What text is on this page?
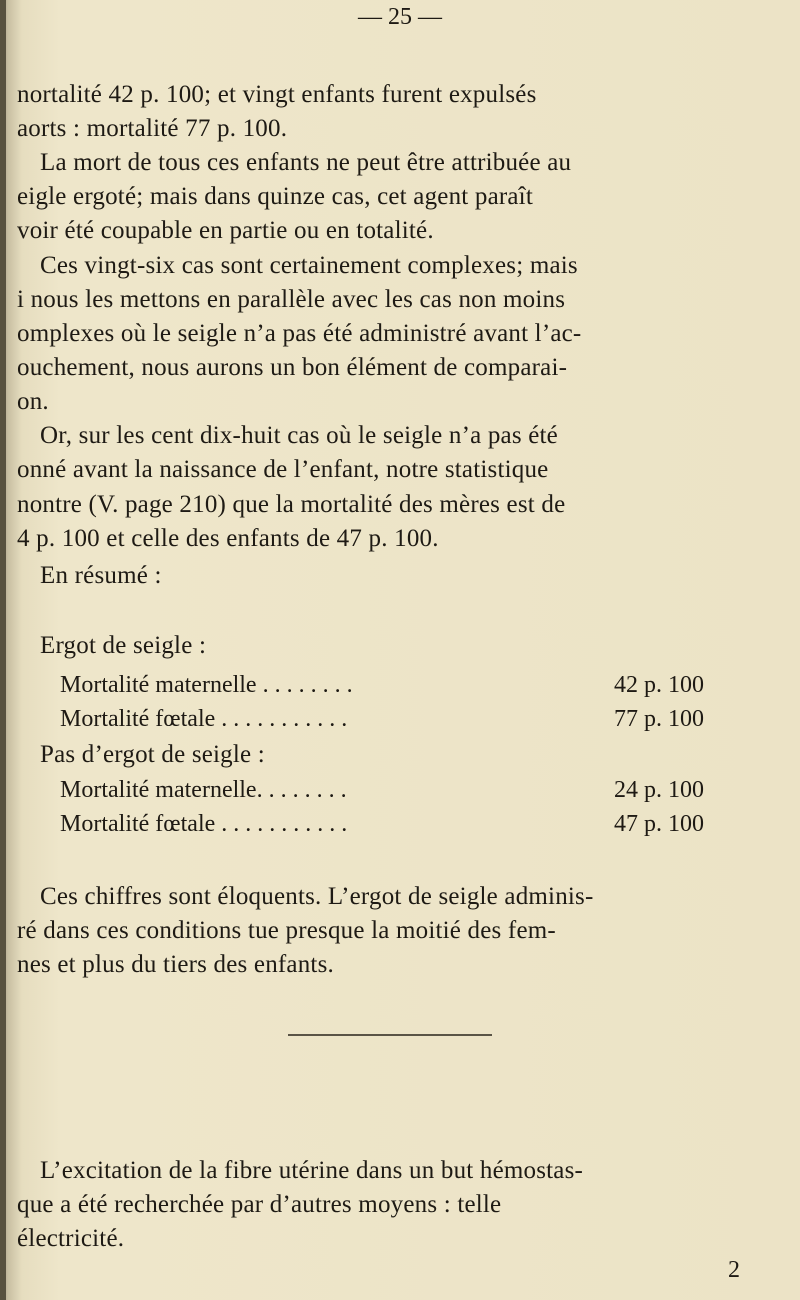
— 25 —
nortalité 42 p. 100; et vingt enfants furent expulsés
aorts : mortalité 77 p. 100.
La mort de tous ces enfants ne peut être attribuée au
eigle ergoté; mais dans quinze cas, cet agent paraît
voir été coupable en partie ou en totalité.
Ces vingt-six cas sont certainement complexes; mais
i nous les mettons en parallèle avec les cas non moins
omplexes où le seigle n’a pas été administré avant l’ac-
ouchement, nous aurons un bon élément de comparai-
on.
Or, sur les cent dix-huit cas où le seigle n’a pas été
onné avant la naissance de l’enfant, notre statistique
nontre (V. page 210) que la mortalité des mères est de
4 p. 100 et celle des enfants de 47 p. 100.
En résumé :
Ergot de seigle :
Mortalité maternelle . . . . . . . .	42 p. 100
Mortalité fœtale . . . . . . . . . . .	77 p. 100
Pas d’ergot de seigle :
Mortalité maternelle. . . . . . . .	24 p. 100
Mortalité fœtale . . . . . . . . . . .	47 p. 100
Ces chiffres sont éloquents. L’ergot de seigle adminis-
ré dans ces conditions tue presque la moitié des fem-
nes et plus du tiers des enfants.
L’excitation de la fibre utérine dans un but hémostas-
que a été recherchée par d’autres moyens : telle
électricité.
2
